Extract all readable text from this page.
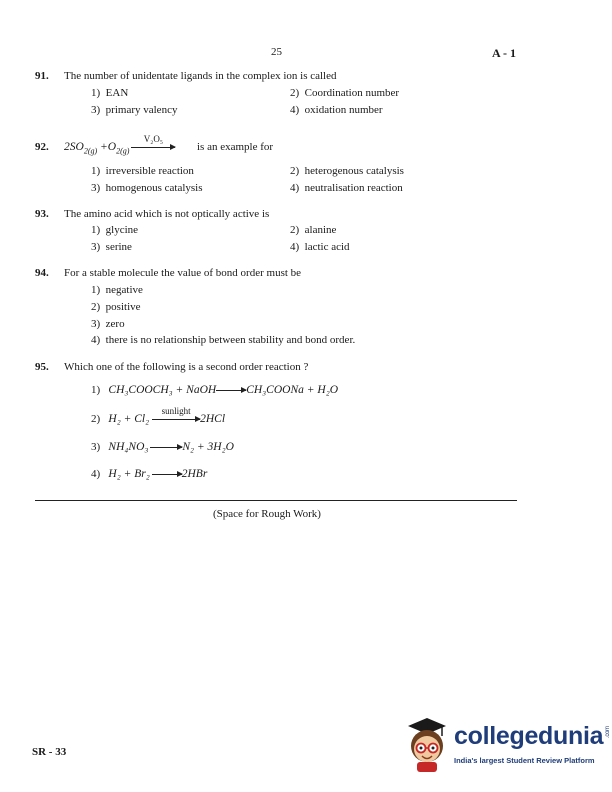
25	A - 1
91. The number of unidentate ligands in the complex ion is called
1) EAN	2) Coordination number
3) primary valency	4) oxidation number
92. $2SO_{2(g)} +O_{2(g)}$
V₂O₅
is an example for
1) irreversible reaction	2) heterogenous catalysis
3) homogenous catalysis	4) neutralisation reaction
93. The amino acid which is not optically active is
1) glycine	2) alanine
3) serine	4) lactic acid
94. For a stable molecule the value of bond order must be
1) negative
2) positive
3) zero
4) there is no relationship between stability and bond order.
95. Which one of the following is a second order reaction ?
1) CH₃COOCH₃ + NaOH→CH₃COONa + H₂O
2) H₂ + Cl₂
sunlight
2HCl
3) NH₄NO₃ →N₂ + 3H₂O
4) H₂ + Br₂ →2HBr
(Space for Rough Work)
SR - 33
collegedunia .com
India's largest Student Review Platform
